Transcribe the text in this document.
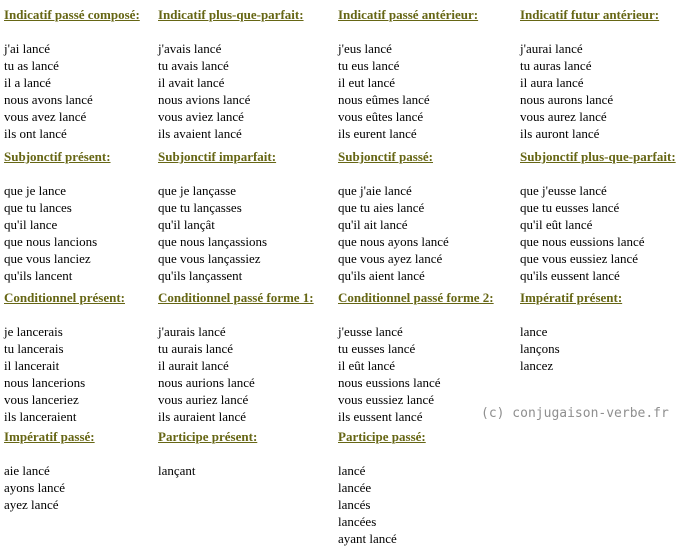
Indicatif passé composé:
j'ai lancé
tu as lancé
il a lancé
nous avons lancé
vous avez lancé
ils ont lancé
Indicatif plus-que-parfait:
j'avais lancé
tu avais lancé
il avait lancé
nous avions lancé
vous aviez lancé
ils avaient lancé
Indicatif passé antérieur:
j'eus lancé
tu eus lancé
il eut lancé
nous eûmes lancé
vous eûtes lancé
ils eurent lancé
Indicatif futur antérieur:
j'aurai lancé
tu auras lancé
il aura lancé
nous aurons lancé
vous aurez lancé
ils auront lancé
Subjonctif présent:
que je lance
que tu lances
qu'il lance
que nous lancions
que vous lanciez
qu'ils lancent
Subjonctif imparfait:
que je lançasse
que tu lançasses
qu'il lançât
que nous lançassions
que vous lançassiez
qu'ils lançassent
Subjonctif passé:
que j'aie lancé
que tu aies lancé
qu'il ait lancé
que nous ayons lancé
que vous ayez lancé
qu'ils aient lancé
Subjonctif plus-que-parfait:
que j'eusse lancé
que tu eusses lancé
qu'il eût lancé
que nous eussions lancé
que vous eussiez lancé
qu'ils eussent lancé
Conditionnel présent:
je lancerais
tu lancerais
il lancerait
nous lancerions
vous lanceriez
ils lanceraient
Conditionnel passé forme 1:
j'aurais lancé
tu aurais lancé
il aurait lancé
nous aurions lancé
vous auriez lancé
ils auraient lancé
Conditionnel passé forme 2:
j'eusse lancé
tu eusses lancé
il eût lancé
nous eussions lancé
vous eussiez lancé
ils eussent lancé
Impératif présent:
lance
lançons
lancez
Impératif passé:
aie lancé
ayons lancé
ayez lancé
Participe présent:
lançant
Participe passé:
lancé
lancée
lancés
lancées
ayant lancé
(c) conjugaison-verbe.fr
